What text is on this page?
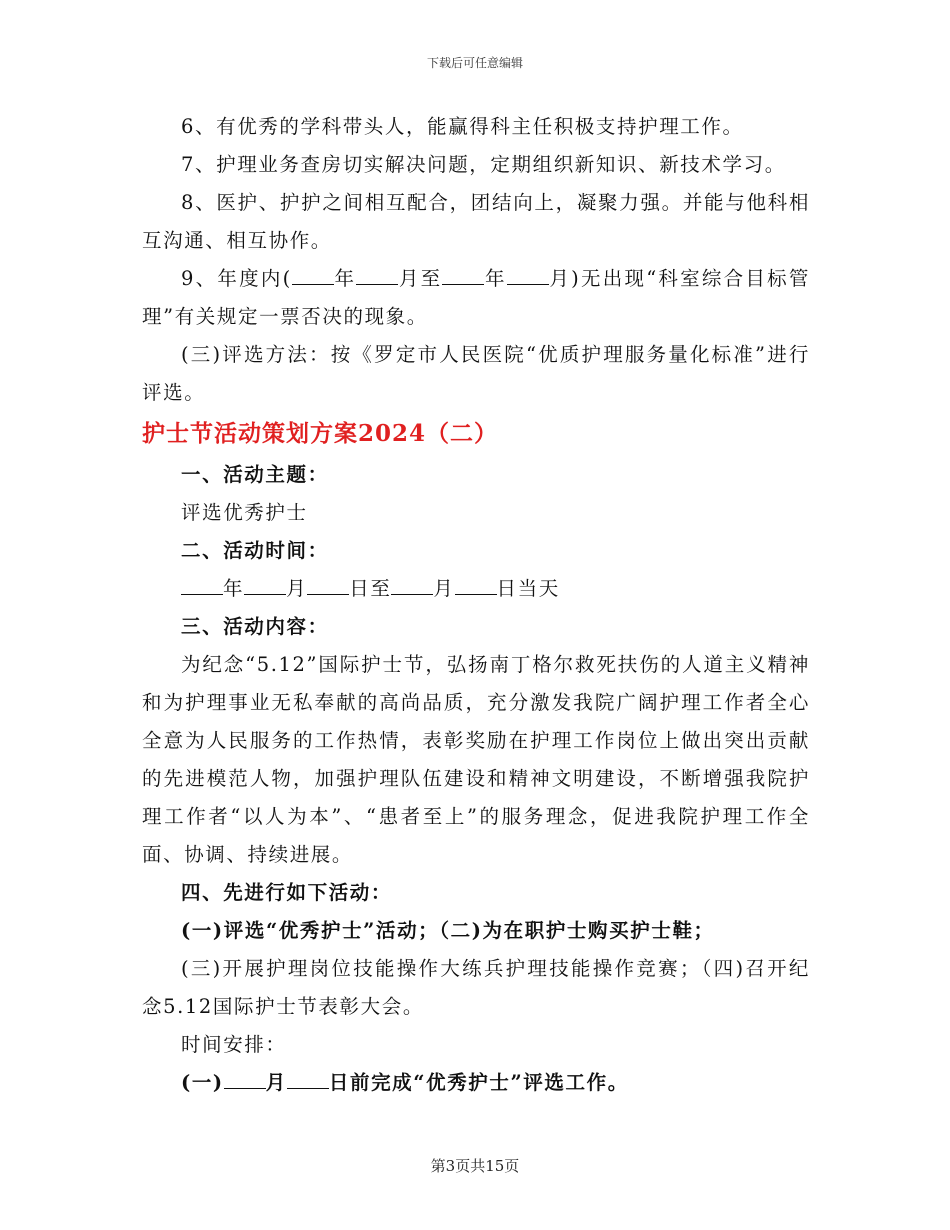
下载后可任意编辑

6、有优秀的学科带头人，能赢得科主任积极支持护理工作。

7、护理业务查房切实解决问题，定期组织新知识、新技术学习。

8、医护、护护之间相互配合，团结向上，凝聚力强。并能与他科相互沟通、相互协作。

9、年度内( 年 月至 年 月)无出现“科室综合目标管理”有关规定一票否决的现象。

(三)评选方法：按《罗定市人民医院“优质护理服务量化标准”进行评选。

护士节活动策划方案2024（二）

一、活动主题：

评选优秀护士

二、活动时间：

年 月 日至 月 日当天

三、活动内容：

为纪念“5.12”国际护士节，弘扬南丁格尔救死扶伤的人道主义精神和为护理事业无私奉献的高尚品质，充分激发我院广阔护理工作者全心全意为人民服务的工作热情，表彰奖励在护理工作岗位上做出突出贡献的先进模范人物，加强护理队伍建设和精神文明建设，不断增强我院护理工作者“以人为本”、“患者至上”的服务理念，促进我院护理工作全面、协调、持续进展。

四、先进行如下活动：

(一)评选“优秀护士”活动；（二)为在职护士购买护士鞋；

(三)开展护理岗位技能操作大练兵护理技能操作竞赛；（四)召开纪念5.12国际护士节表彰大会。

时间安排：

(一) 月 日前完成“优秀护士”评选工作。

第3页共15页
